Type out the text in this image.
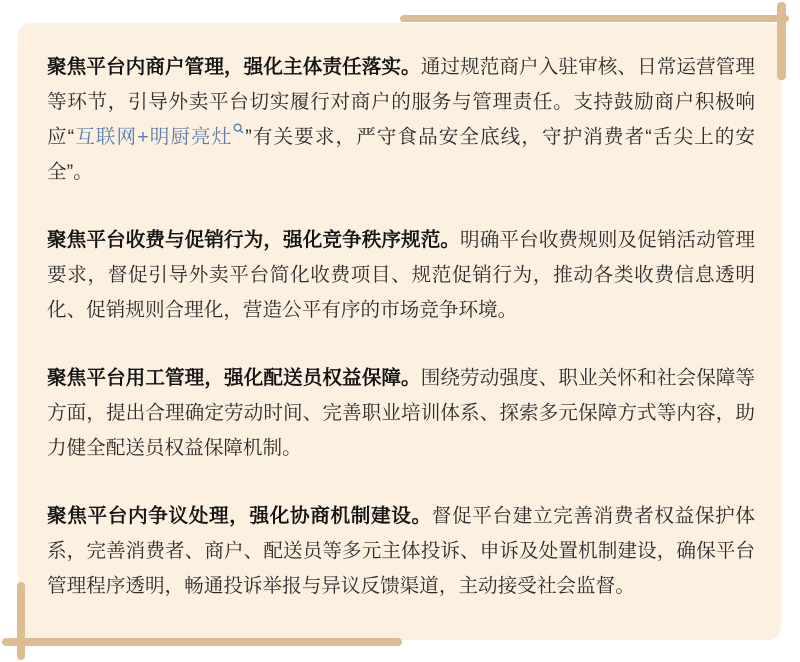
聚焦平台内商户管理，强化主体责任落实。通过规范商户入驻审核、日常运营管理等环节，引导外卖平台切实履行对商户的服务与管理责任。支持鼓励商户积极响应“互联网+明厨亮灶 ”有关要求，严守食品安全底线，守护消费者“舌尖上的安全”。

聚焦平台收费与促销行为，强化竞争秩序规范。明确平台收费规则及促销活动管理要求，督促引导外卖平台简化收费项目、规范促销行为，推动各类收费信息透明化、促销规则合理化，营造公平有序的市场竞争环境。

聚焦平台用工管理，强化配送员权益保障。围绕劳动强度、职业关怀和社会保障等方面，提出合理确定劳动时间、完善职业培训体系、探索多元保障方式等内容，助力健全配送员权益保障机制。

聚焦平台内争议处理，强化协商机制建设。督促平台建立完善消费者权益保护体系，完善消费者、商户、配送员等多元主体投诉、申诉及处置机制建设，确保平台管理程序透明，畅通投诉举报与异议反馈渠道，主动接受社会监督。
